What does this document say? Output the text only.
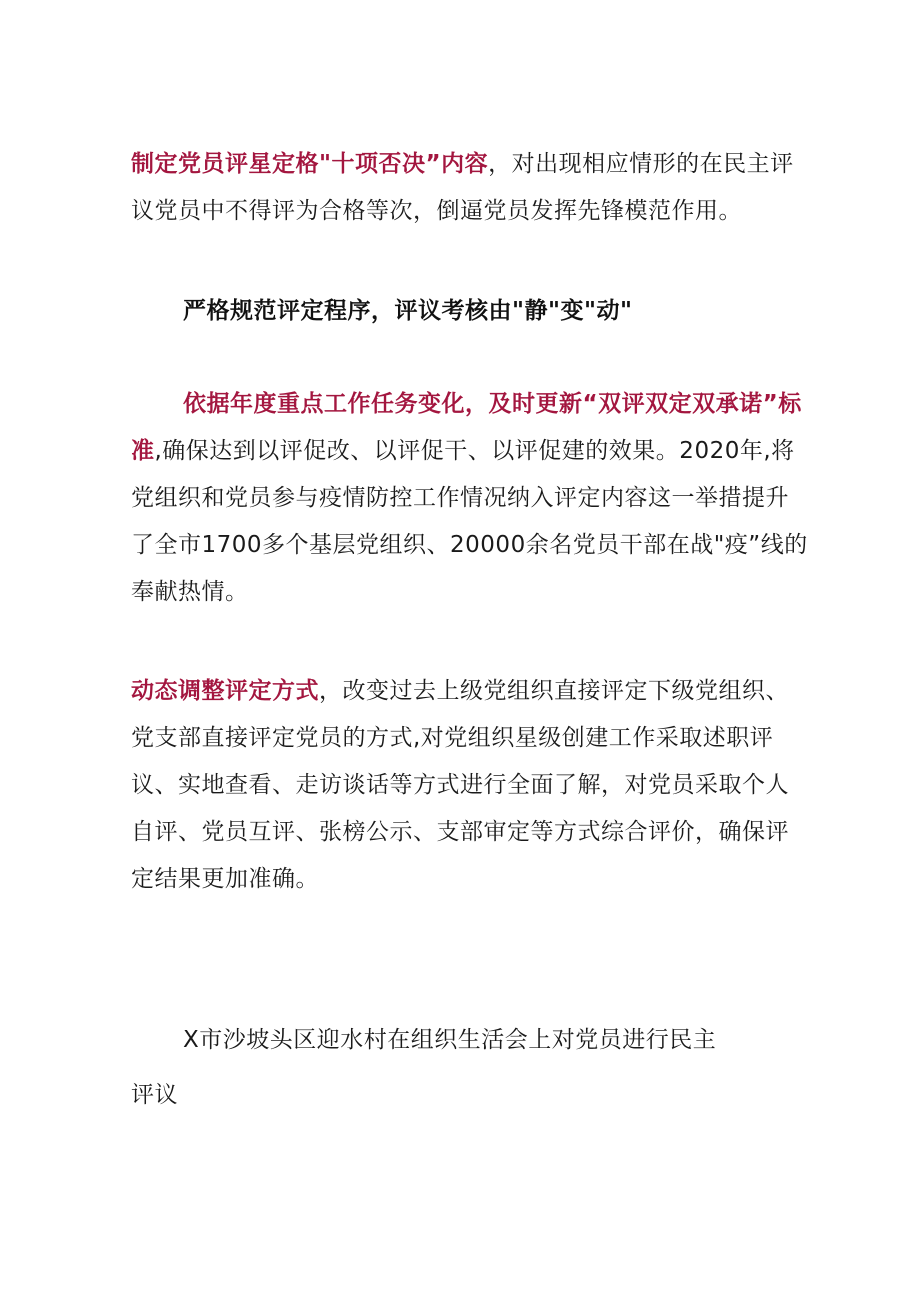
制定党员评星定格"十项否决”内容，对出现相应情形的在民主评议党员中不得评为合格等次，倒逼党员发挥先锋模范作用。

严格规范评定程序，评议考核由"静"变"动"

依据年度重点工作任务变化，及时更新“双评双定双承诺”标准,确保达到以评促改、以评促干、以评促建的效果。2020年,将党组织和党员参与疫情防控工作情况纳入评定内容这一举措提升了全市1700多个基层党组织、20000余名党员干部在战"疫”线的奉献热情。

动态调整评定方式，改变过去上级党组织直接评定下级党组织、党支部直接评定党员的方式,对党组织星级创建工作采取述职评议、实地查看、走访谈话等方式进行全面了解，对党员采取个人自评、党员互评、张榜公示、支部审定等方式综合评价，确保评定结果更加准确。

X市沙坡头区迎水村在组织生活会上对党员进行民主评议
